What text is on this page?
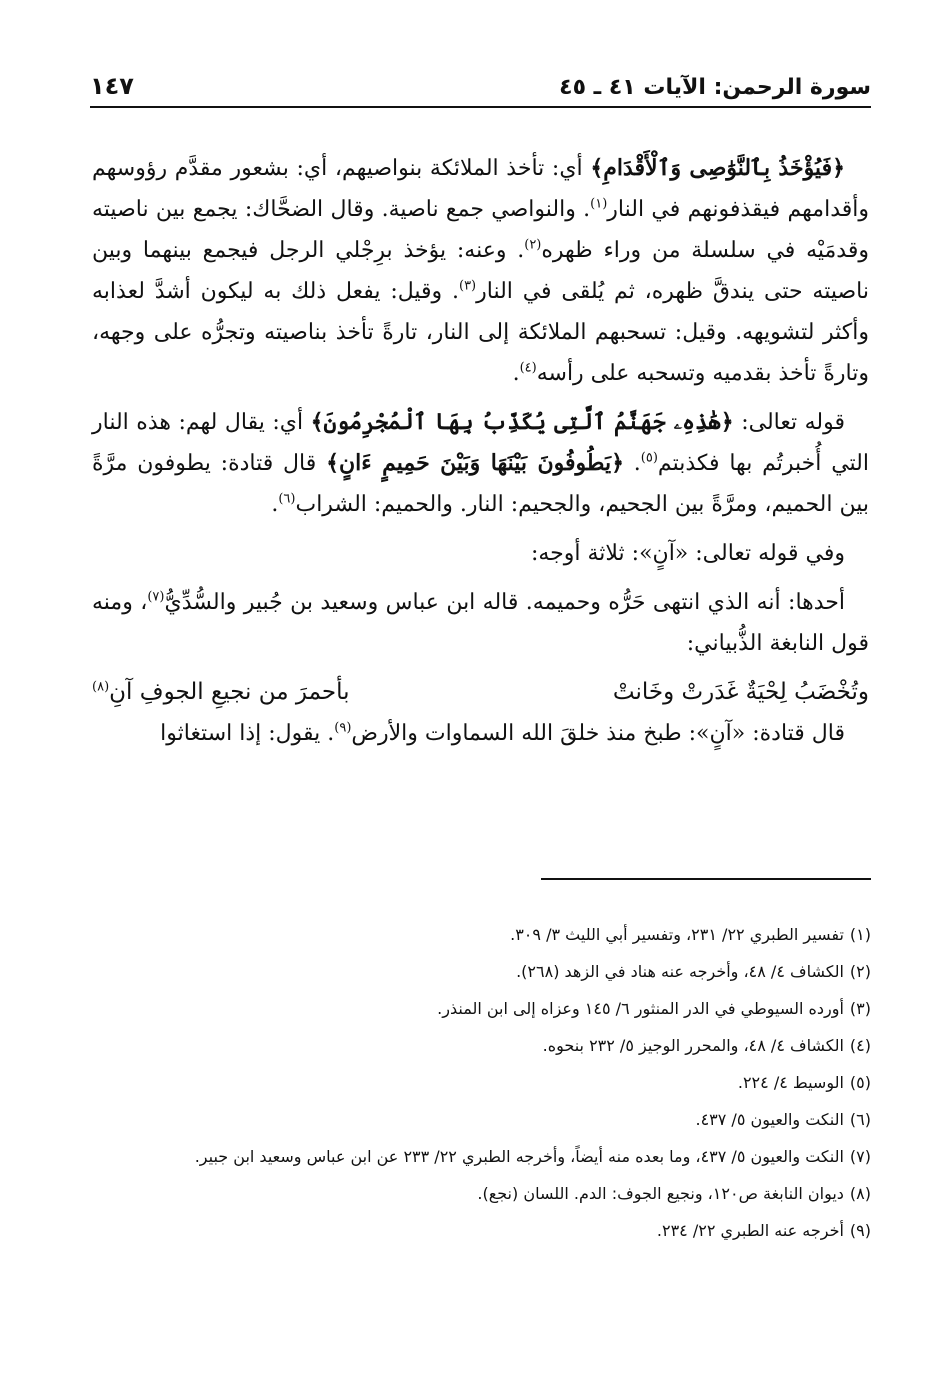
سورة الرحمن: الآيات ٤١ ـ ٤٥
١٤٧

﴿فَيُؤْخَذُ بِٱلنَّوَٰصِى وَٱلْأَقْدَامِ﴾ أي: تأخذ الملائكة بنواصيهم، أي: بشعور مقدَّم رؤوسهم وأقدامهم فيقذفونهم في النار$^{(١)}$. والنواصي جمع ناصية. وقال الضحَّاك: يجمع بين ناصيته وقدمَيْه في سلسلة من وراء ظهره$^{(٢)}$. وعنه: يؤخذ برِجْلي الرجل فيجمع بينهما وبين ناصيته حتى يندقَّ ظهره، ثم يُلقى في النار$^{(٣)}$. وقيل: يفعل ذلك به ليكون أشدَّ لعذابه وأكثر لتشويهه. وقيل: تسحبهم الملائكة إلى النار، تارةً تأخذ بناصيته وتجرُّه على وجهه، وتارةً تأخذ بقدميه وتسحبه على رأسه$^{(٤)}$.

قوله تعالى: ﴿هَٰذِهِۦ جَهَنَّمُ ٱلَّتِى يُكَذِّبُ بِهَا ٱلْمُجْرِمُونَ﴾ أي: يقال لهم: هذه النار التي أُخبرتُم بها فكذبتم$^{(٥)}$. ﴿يَطُوفُونَ بَيْنَهَا وَبَيْنَ حَمِيمٍ ءَانٍ﴾ قال قتادة: يطوفون مرَّةً بين الحميم، ومرَّةً بين الجحيم، والجحيم: النار. والحميم: الشراب$^{(٦)}$.

وفي قوله تعالى: «آنٍ»: ثلاثة أوجه:

أحدها: أنه الذي انتهى حَرُّه وحميمه. قاله ابن عباس وسعيد بن جُبير والسُّدِّيُّ$^{(٧)}$، ومنه قول النابغة الذُّبياني:

وتُخْضَبُ لِحْيَةٌ غَدَرتْ وخَانتْ
بأحمرَ من نجيعِ الجوفِ آنِ$^{(٨)}$

قال قتادة: «آنٍ»: طبخ منذ خلقَ الله السماوات والأرض$^{(٩)}$. يقول: إذا استغاثوا

(١)تفسير الطبري ٢٢/ ٢٣١، وتفسير أبي الليث ٣/ ٣٠٩.

(٢)الكشاف ٤/ ٤٨، وأخرجه عنه هناد في الزهد (٢٦٨).

(٣)أورده السيوطي في الدر المنثور ٦/ ١٤٥ وعزاه إلى ابن المنذر.

(٤)الكشاف ٤/ ٤٨، والمحرر الوجيز ٥/ ٢٣٢ بنحوه.

(٥)الوسيط ٤/ ٢٢٤.

(٦)النكت والعيون ٥/ ٤٣٧.

(٧)النكت والعيون ٥/ ٤٣٧، وما بعده منه أيضاً، وأخرجه الطبري ٢٢/ ٢٣٣ عن ابن عباس وسعيد ابن جبير.

(٨)ديوان النابغة ص١٢٠، ونجيع الجوف: الدم. اللسان (نجع).

(٩)أخرجه عنه الطبري ٢٢/ ٢٣٤.
